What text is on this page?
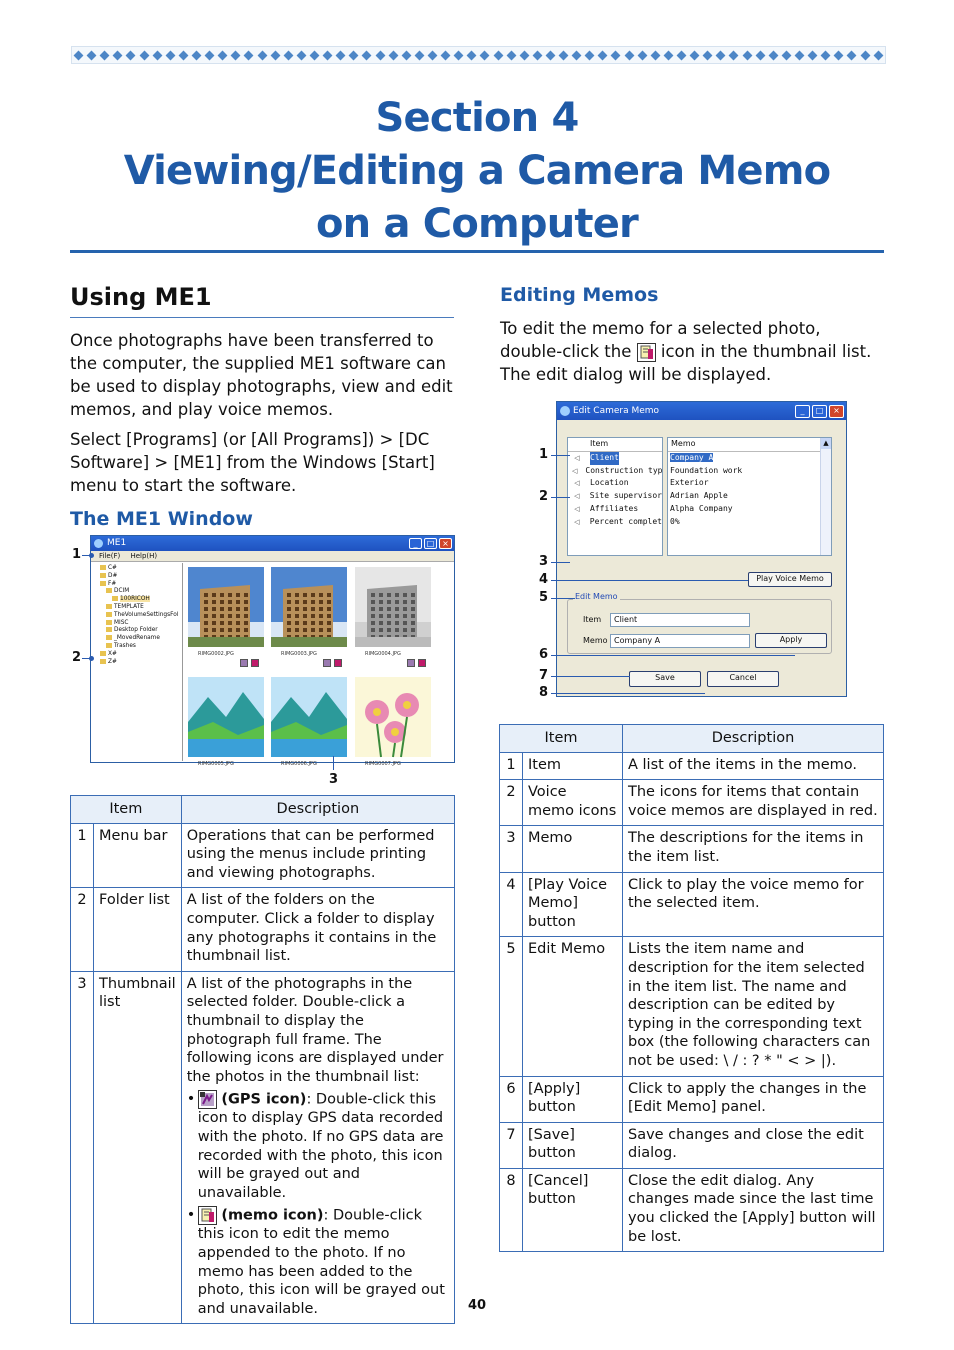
Section 4
Viewing/Editing a Camera Memo
on a Computer
Using ME1

Once photographs have been transferred to the computer, the supplied ME1 software can be used to display photographs, view and edit memos, and play voice memos.

Select [Programs] (or [All Programs]) > [DC Software] > [ME1] from the Windows [Start] menu to start the software.

The ME1 Window
ME1	_	□ ×
File(F) Help(H)
C#
D#
F#
DCIM
100RICOH
TEMPLATE
TheVolumeSettingsFol
MISC
Desktop Folder
_MovedRename
Trashes
X#
Z#
RIMG0002.JPG	RIMG0003.JPG	RIMG0004.JPG
RIMG0005.JPG	RIMG0006.JPG	RIMG0007.JPG
1
2
3
Item		Description
1	Menu bar	Operations that can be performed using the menus include printing and viewing photographs.
2	Folder list	A list of the folders on the computer. Click a folder to display any photographs it contains in the thumbnail list.
3	Thumbnail list	A list of the photographs in the selected folder. Double-click a thumbnail to display the photograph full frame. The following icons are displayed under the photos in the thumbnail list:
• (GPS icon): Double-click this icon to display GPS data recorded with the photo. If no GPS data are recorded with the photo, this icon will be grayed out and unavailable.
• (memo icon): Double-click this icon to edit the memo appended to the photo. If no memo has been added to the photo, this icon will be grayed out and unavailable.
Editing Memos

To edit the memo for a selected photo, double-click the icon in the thumbnail list. The edit dialog will be displayed.

Edit Camera Memo	_	□	×
Item
◁ Client
◁ Construction typ
◁ Location
◁ Site supervisor
◁ Affiliates
◁ Percent complet
Memo
Company A
Foundation work
Exterior
Adrian Apple
Alpha Company
0%
▲
Play Voice Memo
Edit Memo
Item	Client
Memo Company A	Apply
Save	Cancel
1
2
3
4
5
6
7
8
Item		Description
1	Item	A list of the items in the memo.
2	Voice memo icons	The icons for items that contain voice memos are displayed in red.
3	Memo	The descriptions for the items in the item list.
4	[Play Voice Memo] button	Click to play the voice memo for the selected item.
5	Edit Memo	Lists the item name and description for the item selected in the item list. The name and description can be edited by typing in the corresponding text box (the following characters can not be used: \ / : ? * " < > |).
6	[Apply] button	Click to apply the changes in the [Edit Memo] panel.
7	[Save] button	Save changes and close the edit dialog.
8	[Cancel] button	Close the edit dialog. Any changes made since the last time you clicked the [Apply] button will be lost.
40
